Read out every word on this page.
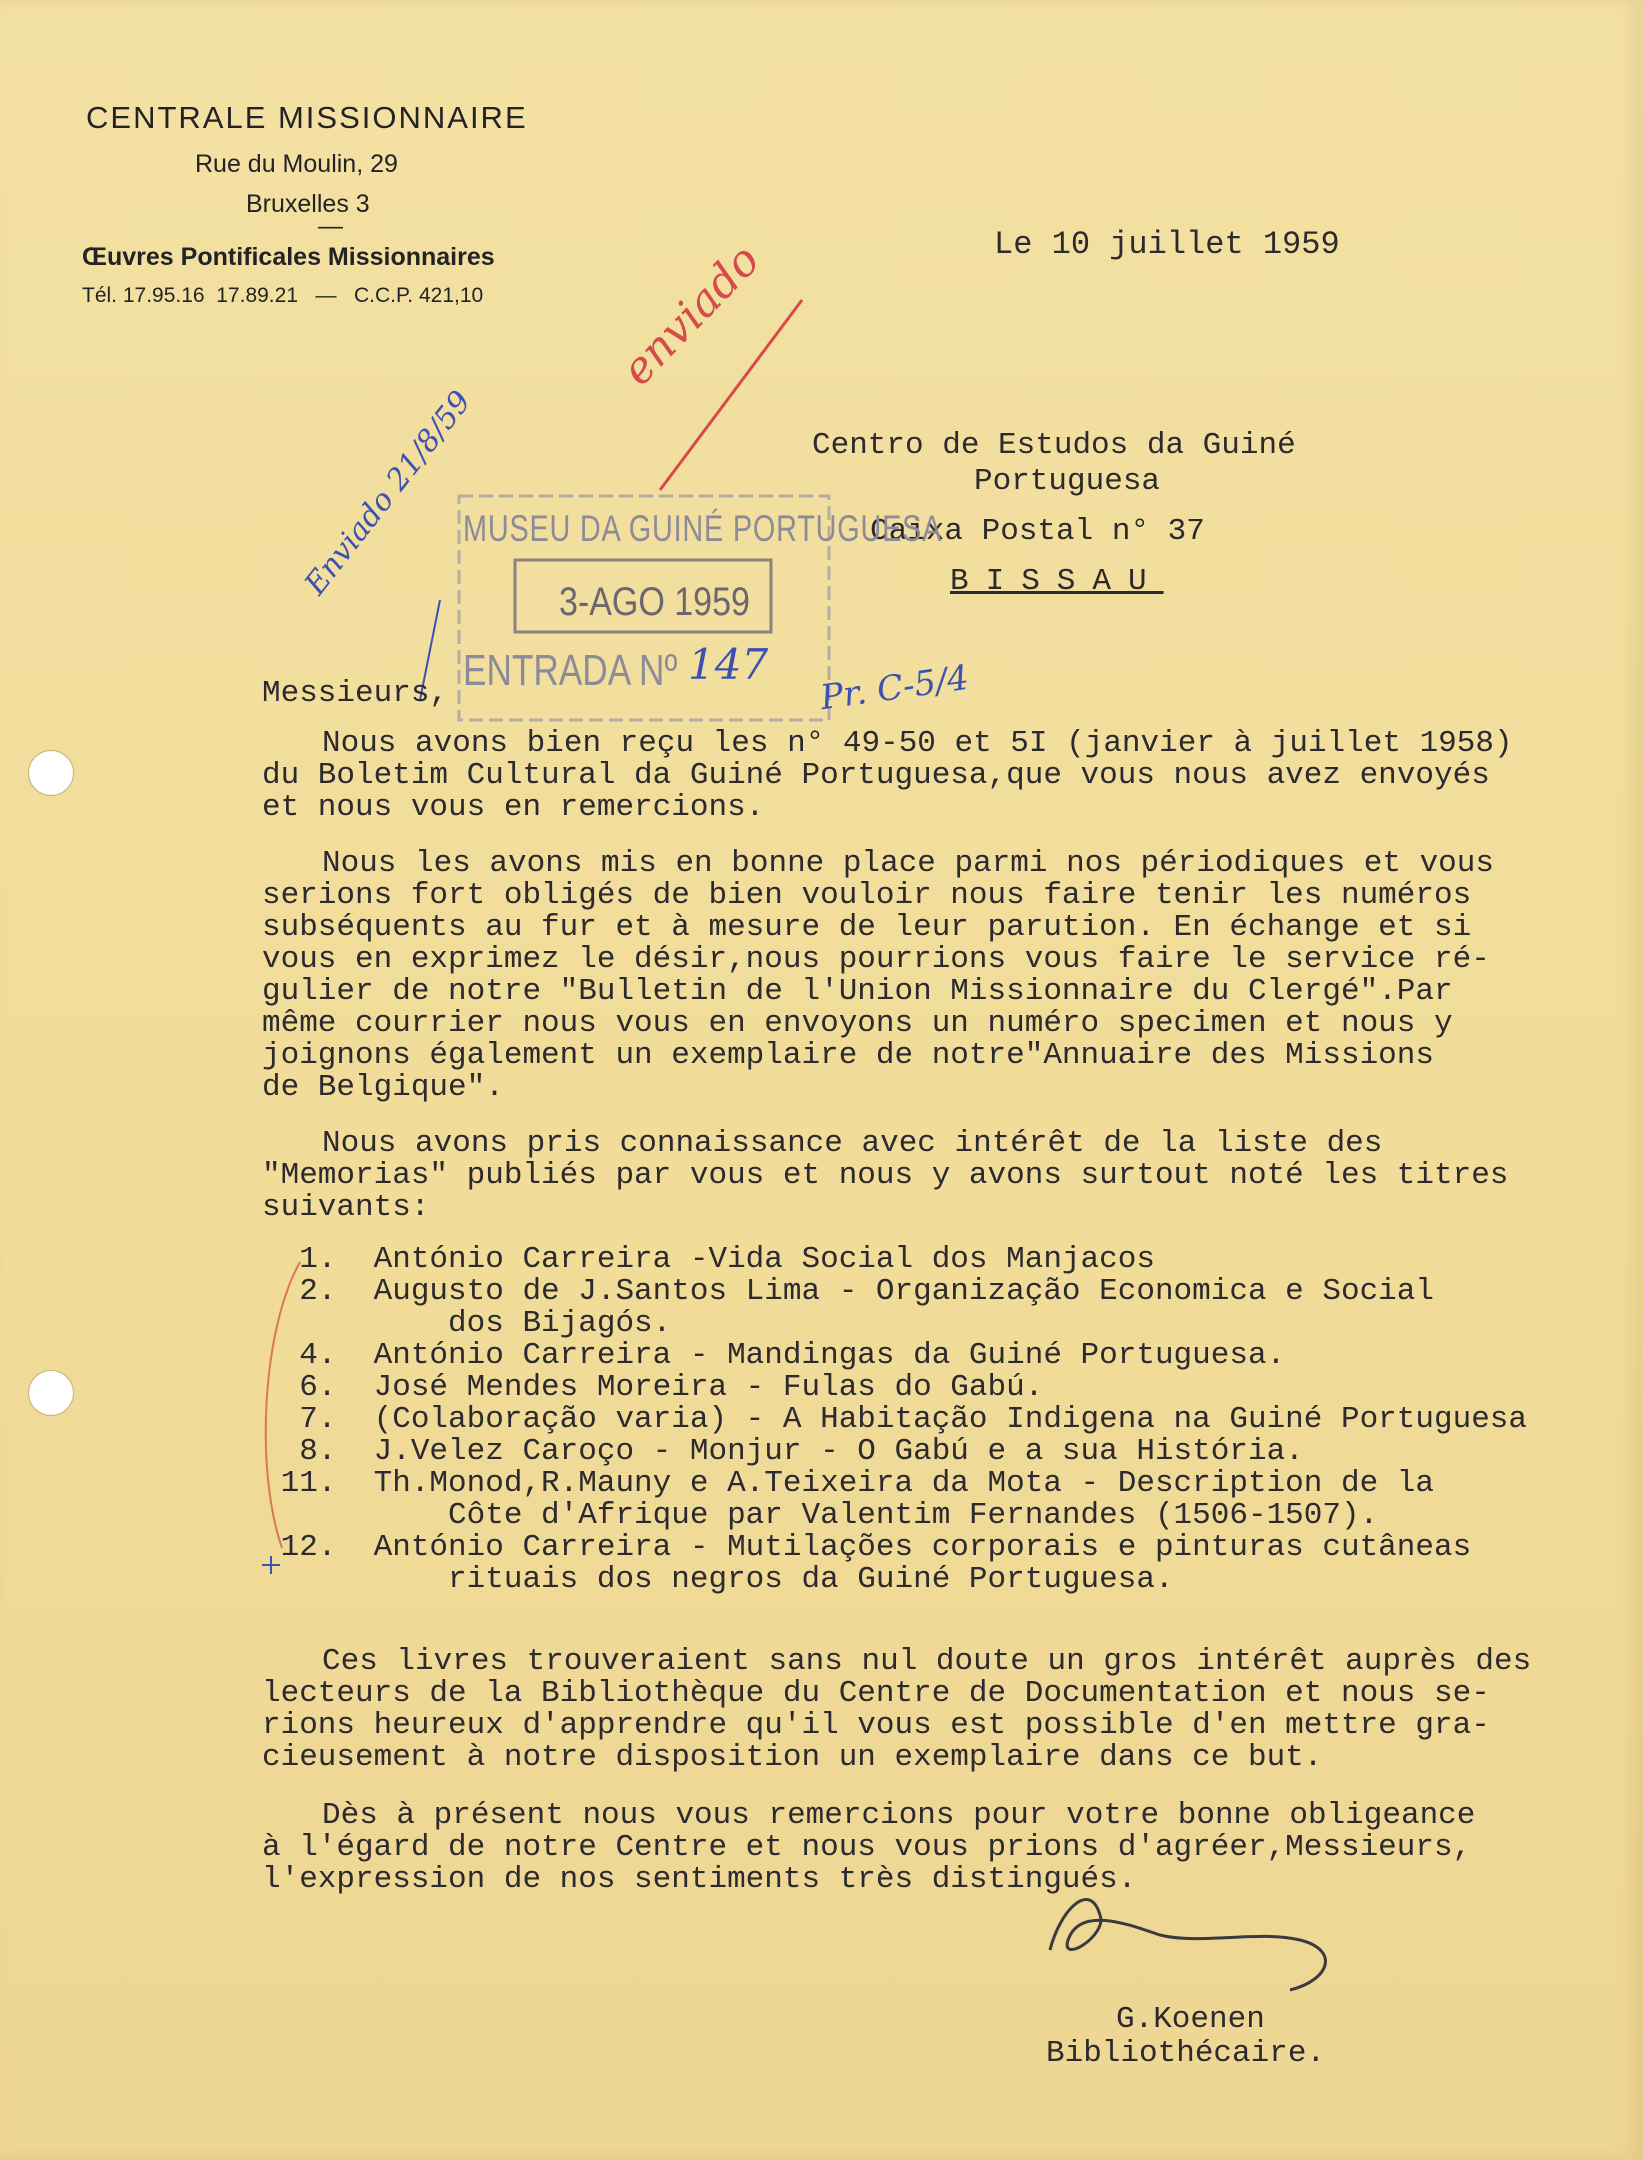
CENTRALE MISSIONNAIRE
Rue du Moulin, 29
Bruxelles 3
—
Œuvres Pontificales Missionnaires
Tél. 17.95.16  17.89.21   —   C.C.P. 421,10
Le 10 juillet 1959
Centro de Estudos da Guiné
Portuguesa
Caixa Postal n° 37
BISSAU
MUSEU DA GUINÉ PORTUGUESA
3-AGO 1959
ENTRADA Nº
enviado
Enviado 21/8/59
147 Pr. C-5/4
Messieurs,
Nous avons bien reçu les n° 49-50 et 5I (janvier à juillet 1958)
du Boletim Cultural da Guiné Portuguesa,que vous nous avez envoyés
et nous vous en remercions.
Nous les avons mis en bonne place parmi nos périodiques et vous
serions fort obligés de bien vouloir nous faire tenir les numéros
subséquents au fur et à mesure de leur parution. En échange et si
vous en exprimez le désir,nous pourrions vous faire le service ré-
gulier de notre "Bulletin de l'Union Missionnaire du Clergé".Par
même courrier nous vous en envoyons un numéro specimen et nous y
joignons également un exemplaire de notre"Annuaire des Missions
de Belgique".
Nous avons pris connaissance avec intérêt de la liste des
"Memorias" publiés par vous et nous y avons surtout noté les titres
suivants:
1.  António Carreira -Vida Social dos Manjacos
2.  Augusto de J.Santos Lima - Organização Economica e Social
dos Bijagós.
4.  António Carreira - Mandingas da Guiné Portuguesa.
6.  José Mendes Moreira - Fulas do Gabú.
7.  (Colaboração varia) - A Habitação Indigena na Guiné Portuguesa
8.  J.Velez Caroço - Monjur - O Gabú e a sua História.
11.  Th.Monod,R.Mauny e A.Teixeira da Mota - Description de la
Côte d'Afrique par Valentim Fernandes (1506-1507).
12.  António Carreira - Mutilações corporais e pinturas cutâneas
rituais dos negros da Guiné Portuguesa.
Ces livres trouveraient sans nul doute un gros intérêt auprès des
lecteurs de la Bibliothèque du Centre de Documentation et nous se-
rions heureux d'apprendre qu'il vous est possible d'en mettre gra-
cieusement à notre disposition un exemplaire dans ce but.
Dès à présent nous vous remercions pour votre bonne obligeance
à l'égard de notre Centre et nous vous prions d'agréer,Messieurs,
l'expression de nos sentiments très distingués.
G.Koenen
Bibliothécaire.
